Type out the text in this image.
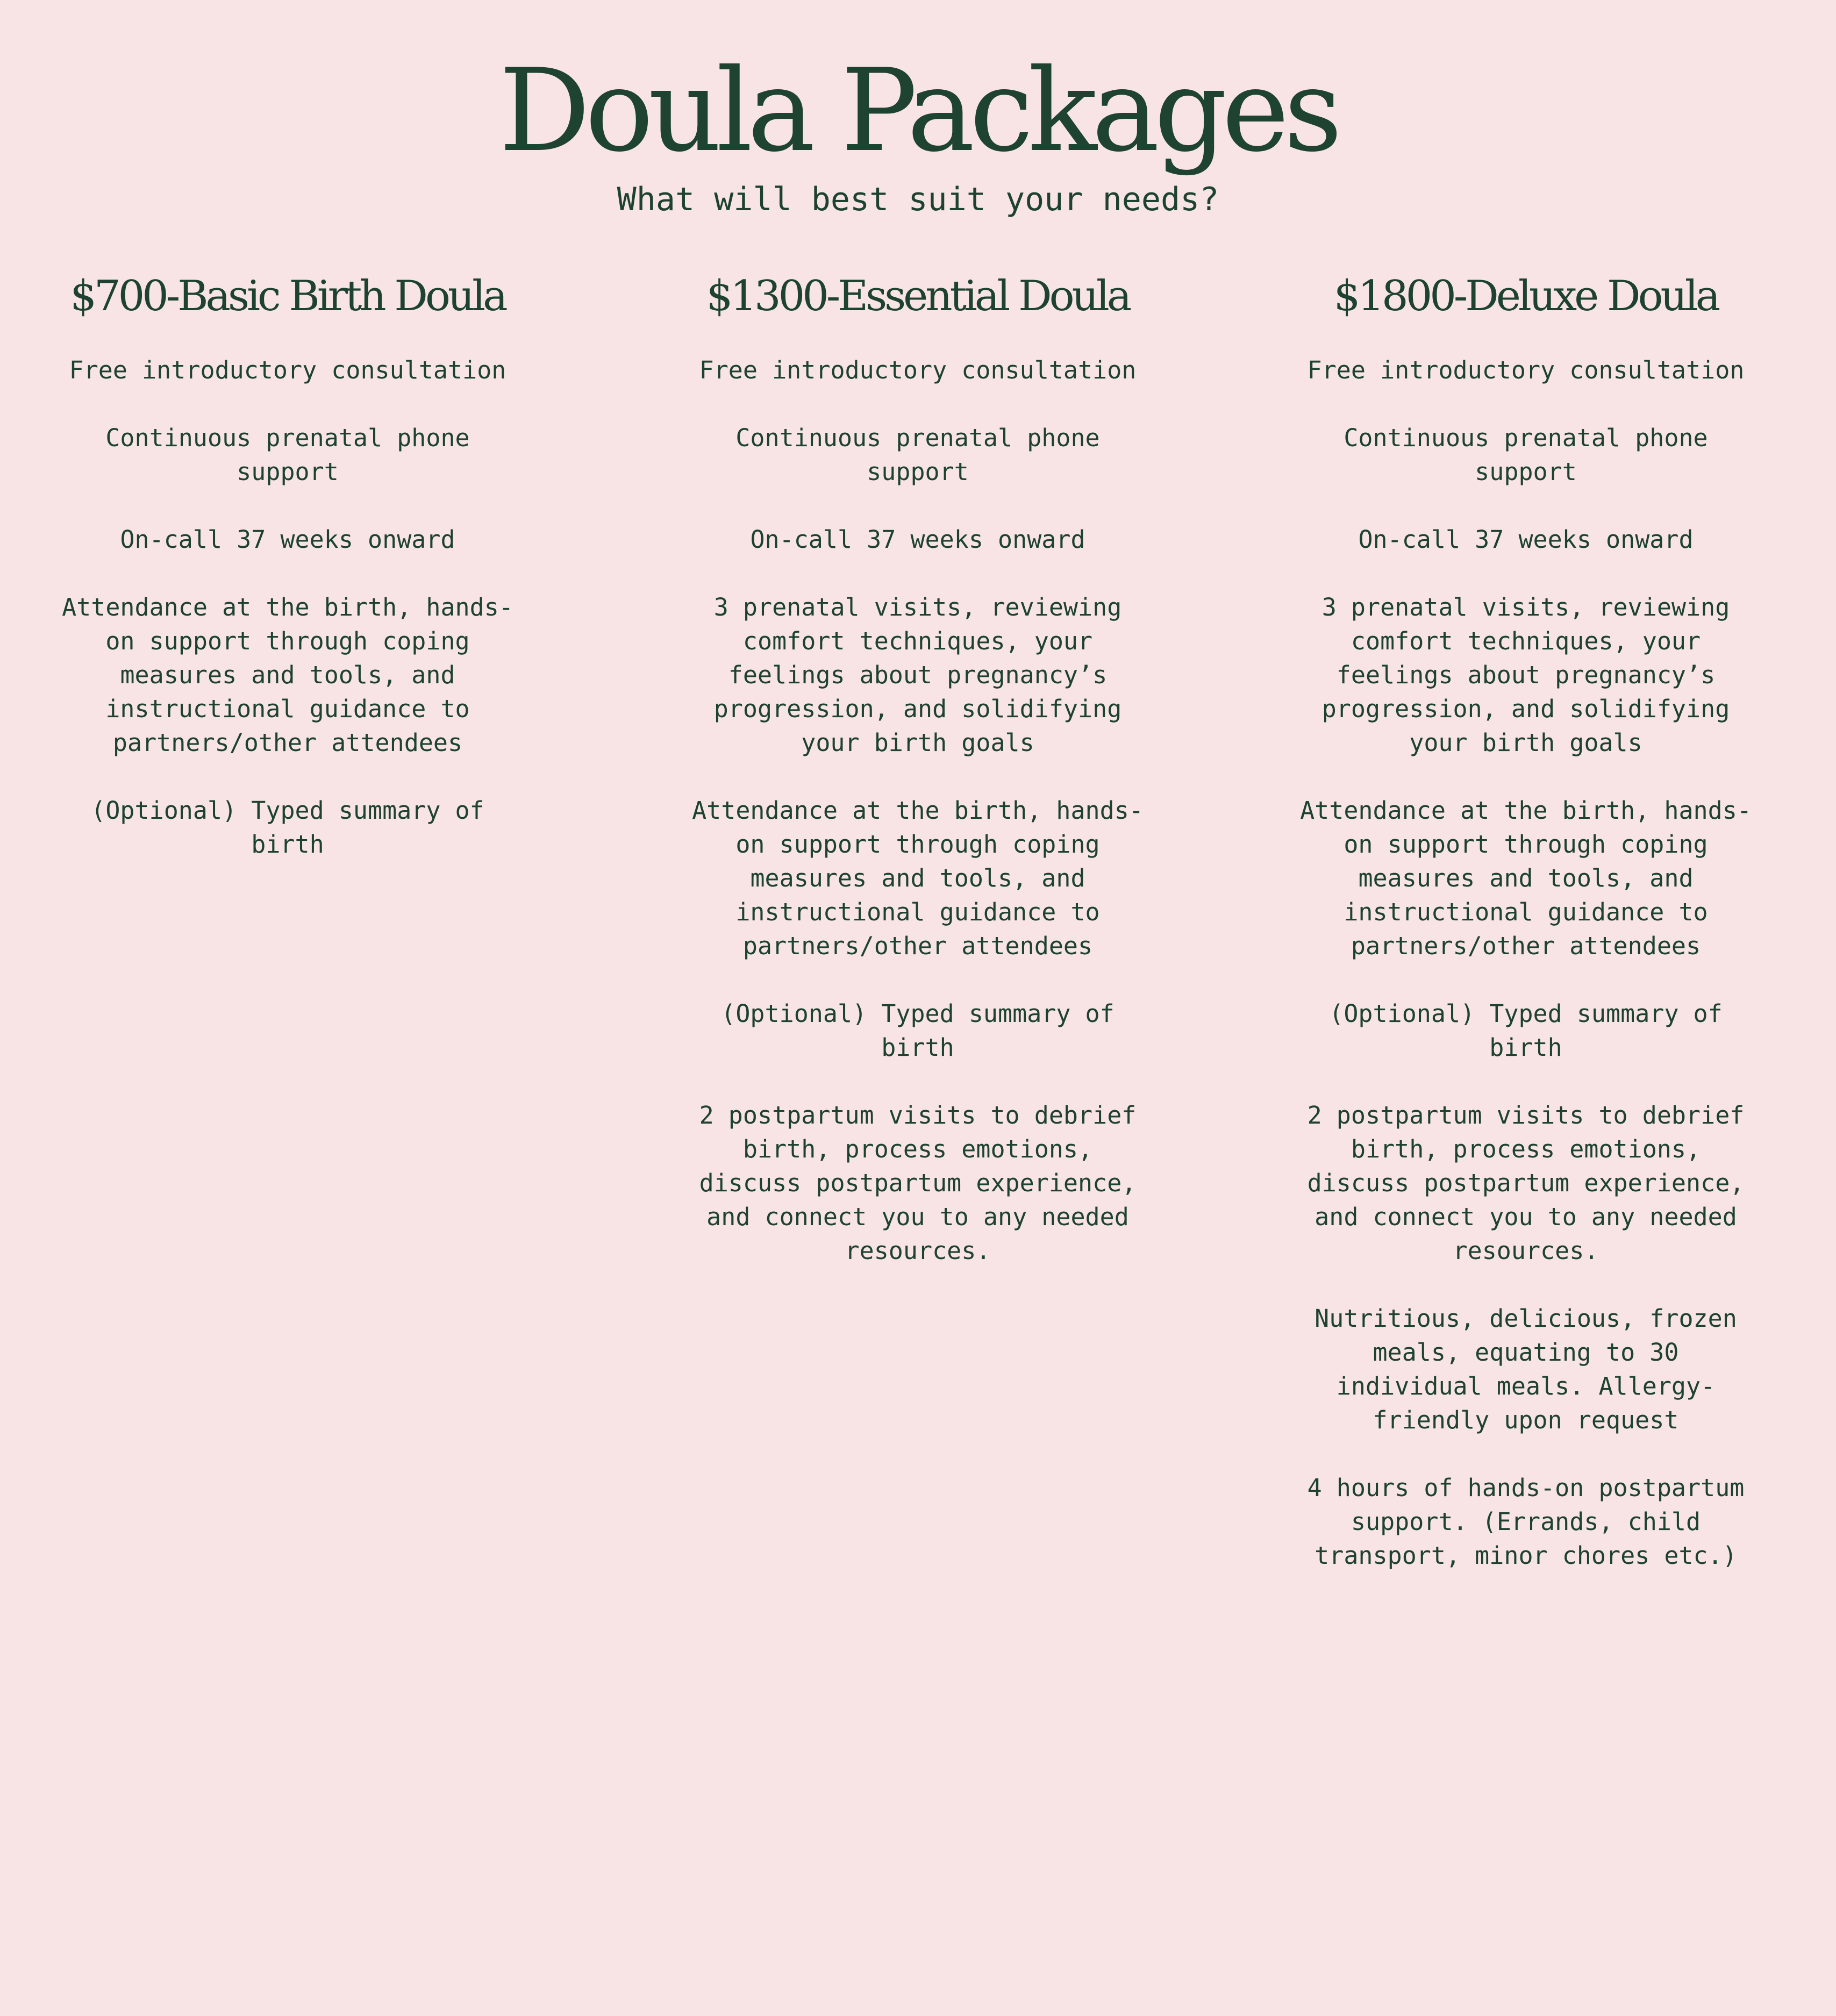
Doula Packages

What will best suit your needs?

$700-Basic Birth Doula
Free introductory consultation
Continuous prenatal phone support
On-call 37 weeks onward
Attendance at the birth, hands-on support through coping measures and tools, and instructional guidance to partners/other attendees
(Optional) Typed summary of birth
$1300-Essential Doula
Free introductory consultation
Continuous prenatal phone support
On-call 37 weeks onward
3 prenatal visits, reviewing comfort techniques, your feelings about pregnancy’s progression, and solidifying your birth goals
Attendance at the birth, hands-on support through coping measures and tools, and instructional guidance to partners/other attendees
(Optional) Typed summary of birth
2 postpartum visits to debrief birth, process emotions, discuss postpartum experience, and connect you to any needed resources.
$1800-Deluxe Doula
Free introductory consultation
Continuous prenatal phone support
On-call 37 weeks onward
3 prenatal visits, reviewing comfort techniques, your feelings about pregnancy’s progression, and solidifying your birth goals
Attendance at the birth, hands-on support through coping measures and tools, and instructional guidance to partners/other attendees
(Optional) Typed summary of birth
2 postpartum visits to debrief birth, process emotions, discuss postpartum experience, and connect you to any needed resources.
Nutritious, delicious, frozen meals, equating to 30 individual meals. Allergy-friendly upon request
4 hours of hands-on postpartum support. (Errands, child transport, minor chores etc.)
